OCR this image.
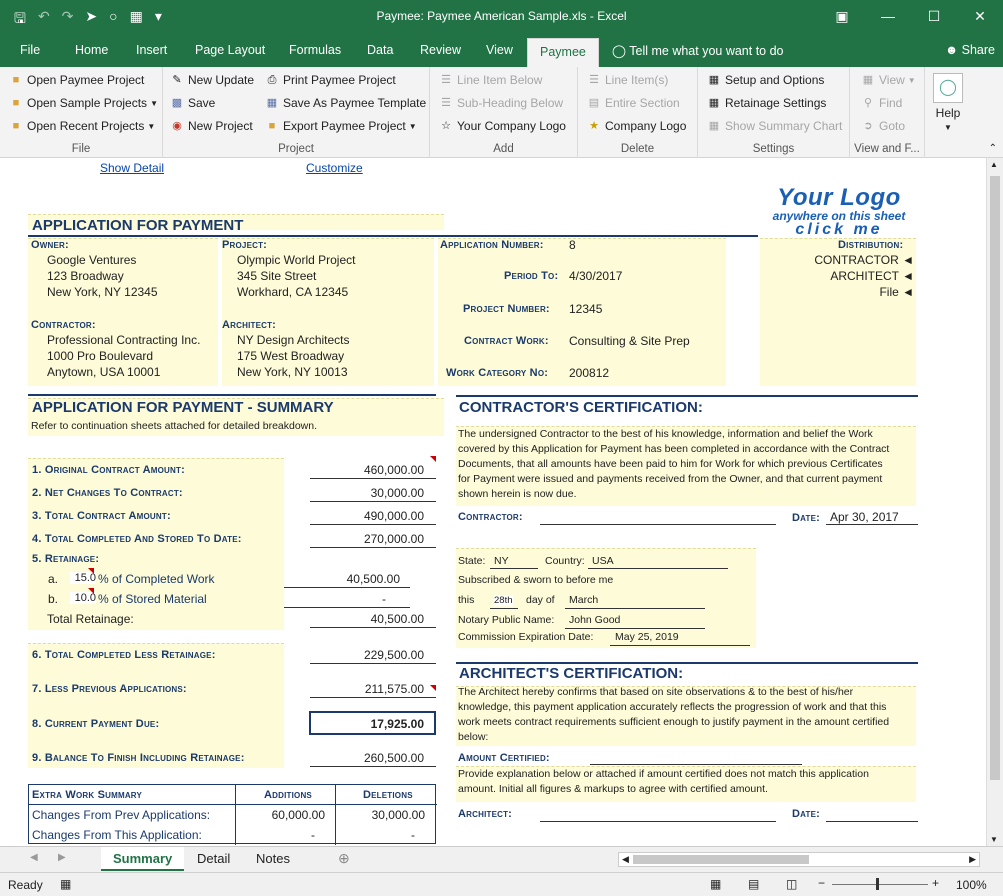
🖫 ↶ ↷ ➤ ○ ▦ ▾	Paymee: Paymee American Sample.xls - Excel	▣	—	☐	✕
File	Home Insert Page Layout Formulas Data Review View	Paymee	◯ Tell me what you want to do	☻ Share
■ Open Paymee Project
■ Open Sample Projects ▼
■ Open Recent Projects ▼
File
✎ New Update
▩ Save
◉ New Project
⎙ Print Paymee Project
▦ Save As Paymee Template
■ Export Paymee Project ▼
Project
☰ Line Item Below
☰ Sub-Heading Below
☆ Your Company Logo
Add
☰ Line Item(s)
▤ Entire Section
★ Company Logo
Delete
▦ Setup and Options
▦ Retainage Settings
▦ Show Summary Chart
Settings
▦ View ▼
⚲ Find
➲ Goto
View and F...
◯
Help
▼
⌃
Show Detail	Customize
Your Logo
anywhere on this sheet
click me
APPLICATION FOR PAYMENT
Owner:
Google Ventures
123 Broadway
New York, NY 12345
Project:
Olympic World Project
345 Site Street
Workhard, CA 12345
Contractor:
Professional Contracting Inc.
1000 Pro Boulevard
Anytown, USA 10001
Architect:
NY Design Architects
175 West Broadway
New York, NY 10013
Application Number: 8
Period To: 4/30/2017
Project Number: 12345
Contract Work: Consulting & Site Prep
Work Category No: 200812
Distribution:
CONTRACTOR ◄
ARCHITECT ◄
File ◄
APPLICATION FOR PAYMENT - SUMMARY
Refer to continuation sheets attached for detailed breakdown.
1. Original Contract Amount:	460,000.00
2. Net Changes To Contract:	30,000.00
3. Total Contract Amount:	490,000.00
4. Total Completed And Stored To Date:	270,000.00
5. Retainage:
a.	15.0 % of Completed Work	40,500.00
b.	10.0 % of Stored Material	-
Total Retainage:	40,500.00
6. Total Completed Less Retainage:	229,500.00
7. Less Previous Applications:	211,575.00
8. Current Payment Due:	17,925.00
9. Balance To Finish Including Retainage:	260,500.00
Extra Work Summary	Additions	Deletions
Changes From Prev Applications:	60,000.00	30,000.00
Changes From This Application:	-	-
CONTRACTOR'S CERTIFICATION:
The undersigned Contractor to the best of his knowledge, information and belief the Work
covered by this Application for Payment has been completed in accordance with the Contract
Documents, that all amounts have been paid to him for Work for which previous Certificates
for Payment were issued and payments received from the Owner, and that current payment
shown herein is now due.
Contractor:	Date: Apr 30, 2017
State: NY	Country: USA
Subscribed & sworn to before me
this 28th day of March
Notary Public Name: John Good
Commission Expiration Date: May 25, 2019
ARCHITECT'S CERTIFICATION:
The Architect hereby confirms that based on site observations & to the best of his/her
knowledge, this payment application accurately reflects the progression of work and that this
work meets contract requirements sufficient enough to justify payment in the amount certified
below:
Amount Certified:
Provide explanation below or attached if amount certified does not match this application
amount. Initial all figures & markups to agree with certified amount.
Architect:	Date:
▲
▼
◀ ▶	Summary	Detail	Notes	⊕	◀	▶
Ready ▦	▦ ▤ ◫ −	+ 100%
